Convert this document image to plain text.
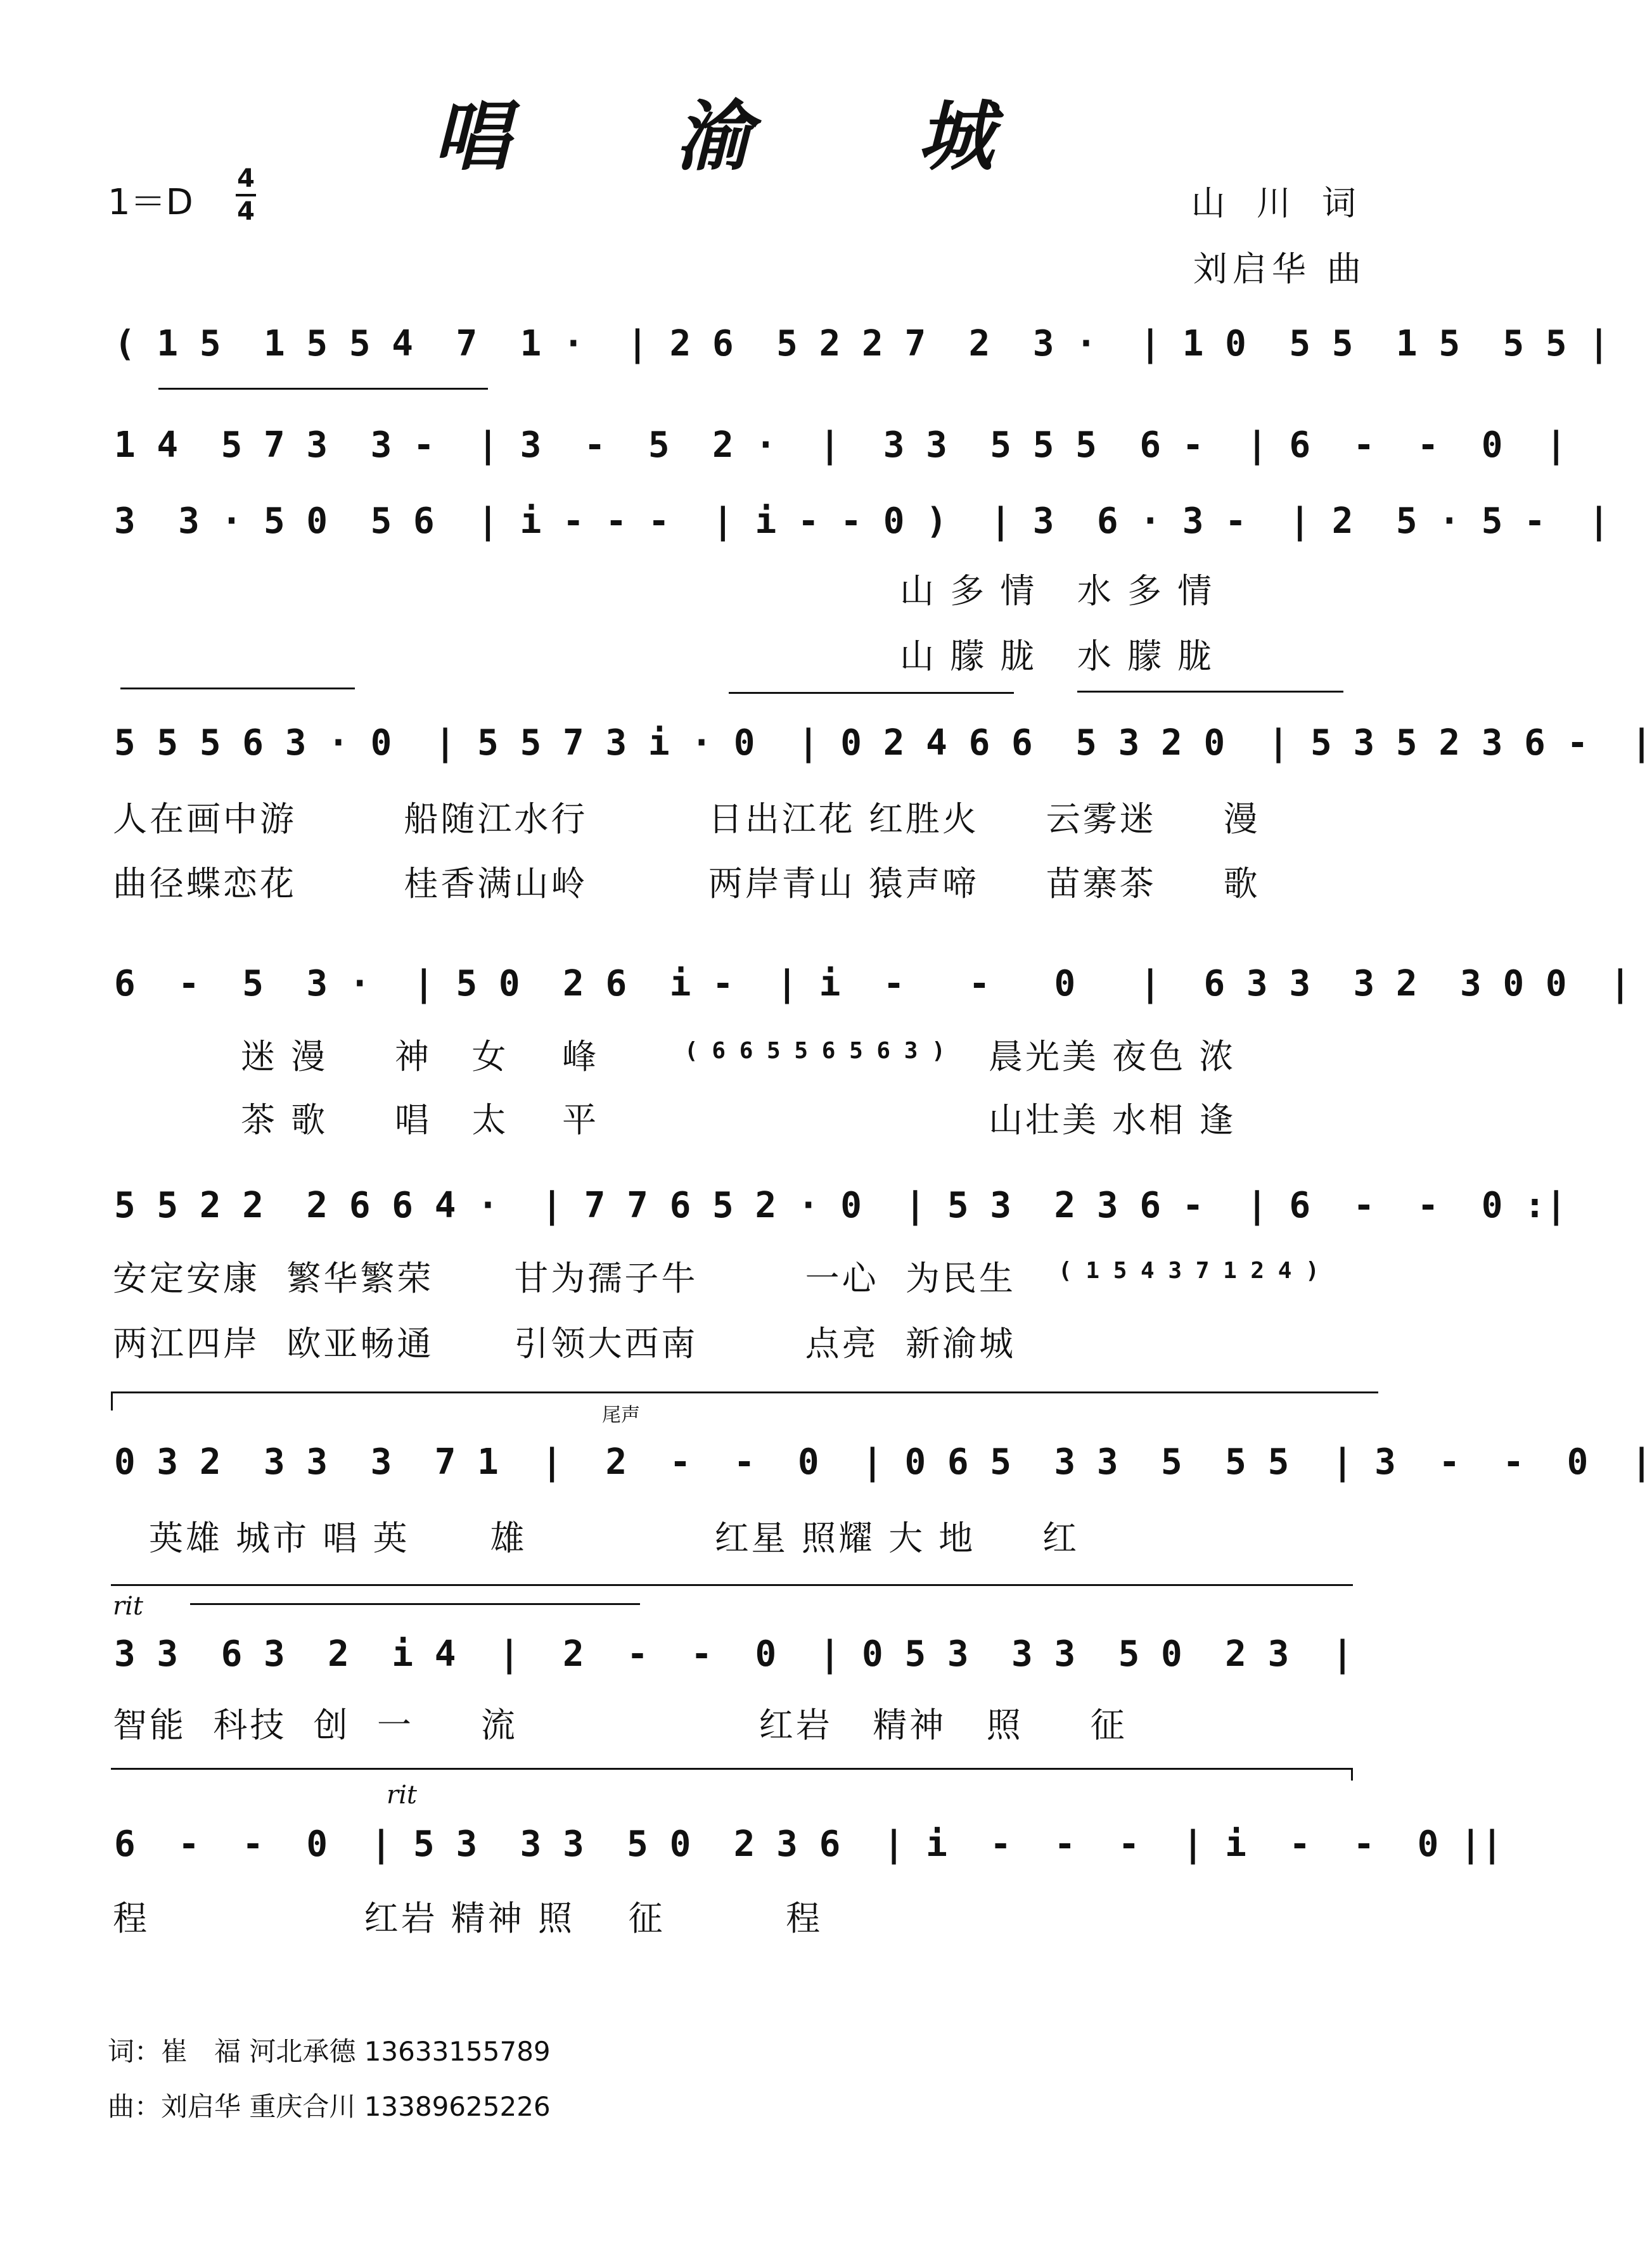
唱 渝 城
1＝D
4
4	山 川 词
刘启华 曲
( 1 5  1 5 5 4  7  1 ·  | 2 6  5 2 2 7  2  3 ·  | 1 0  5 5  1 5  5 5 |
1 4  5 7 3  3 -  | 3  -  5  2 ·  |  3 3  5 5 5  6 -  | 6  -  -  0  |
3  3 · 5 0  5 6  | i - - -  | i - - 0 )  | 3  6 · 3 -  | 2  5 · 5 -  |
山 多 情   水 多 情
山 朦 胧   水 朦 胧
5 5 5 6 3 · 0  | 5 5 7 3 i · 0  | 0 2 4 6 6  5 3 2 0  | 5 3 5 2 3 6 -  |
人在画中游        船随江水行         日出江花 红胜火     云雾迷     漫
曲径蝶恋花        桂香满山岭         两岸青山 猿声啼     苗寨茶     歌
6  -  5  3 ·  | 5 0  2 6  i -  | i  -   -   0   |  6 3 3  3 2  3 0 0  |
迷 漫     神   女    峰	( 6 6 5 5 6 5 6 3 ) 晨光美 夜色 浓
茶 歌     唱   太    平	山壮美 水相 逢
5 5 2 2  2 6 6 4 ·  | 7 7 6 5 2 · 0  | 5 3  2 3 6 -  | 6  -  -  0 :|
安定安康  繁华繁荣      甘为孺子牛        一心  为民生 ( 1 5 4 3 7 1 2 4 )
两江四岸  欧亚畅通      引领大西南        点亮  新渝城
尾声
0 3 2  3 3  3  7 1  |  2  -  -  0  | 0 6 5  3 3  5  5 5  | 3  -  -  0  |
英雄 城市 唱 英      雄              红星 照耀 大 地     红
rit
3 3  6 3  2  i 4  |  2  -  -  0  | 0 5 3  3 3  5 0  2 3  |
智能  科技  创  一     流                  红岩   精神   照     征
rit
6  -  -  0  | 5 3  3 3  5 0  2 3 6  | i  -  -  -  | i  -  -  0 ||
程                红岩 精神 照    征         程
词：崔　福 河北承德 13633155789
曲：刘启华 重庆合川 13389625226
